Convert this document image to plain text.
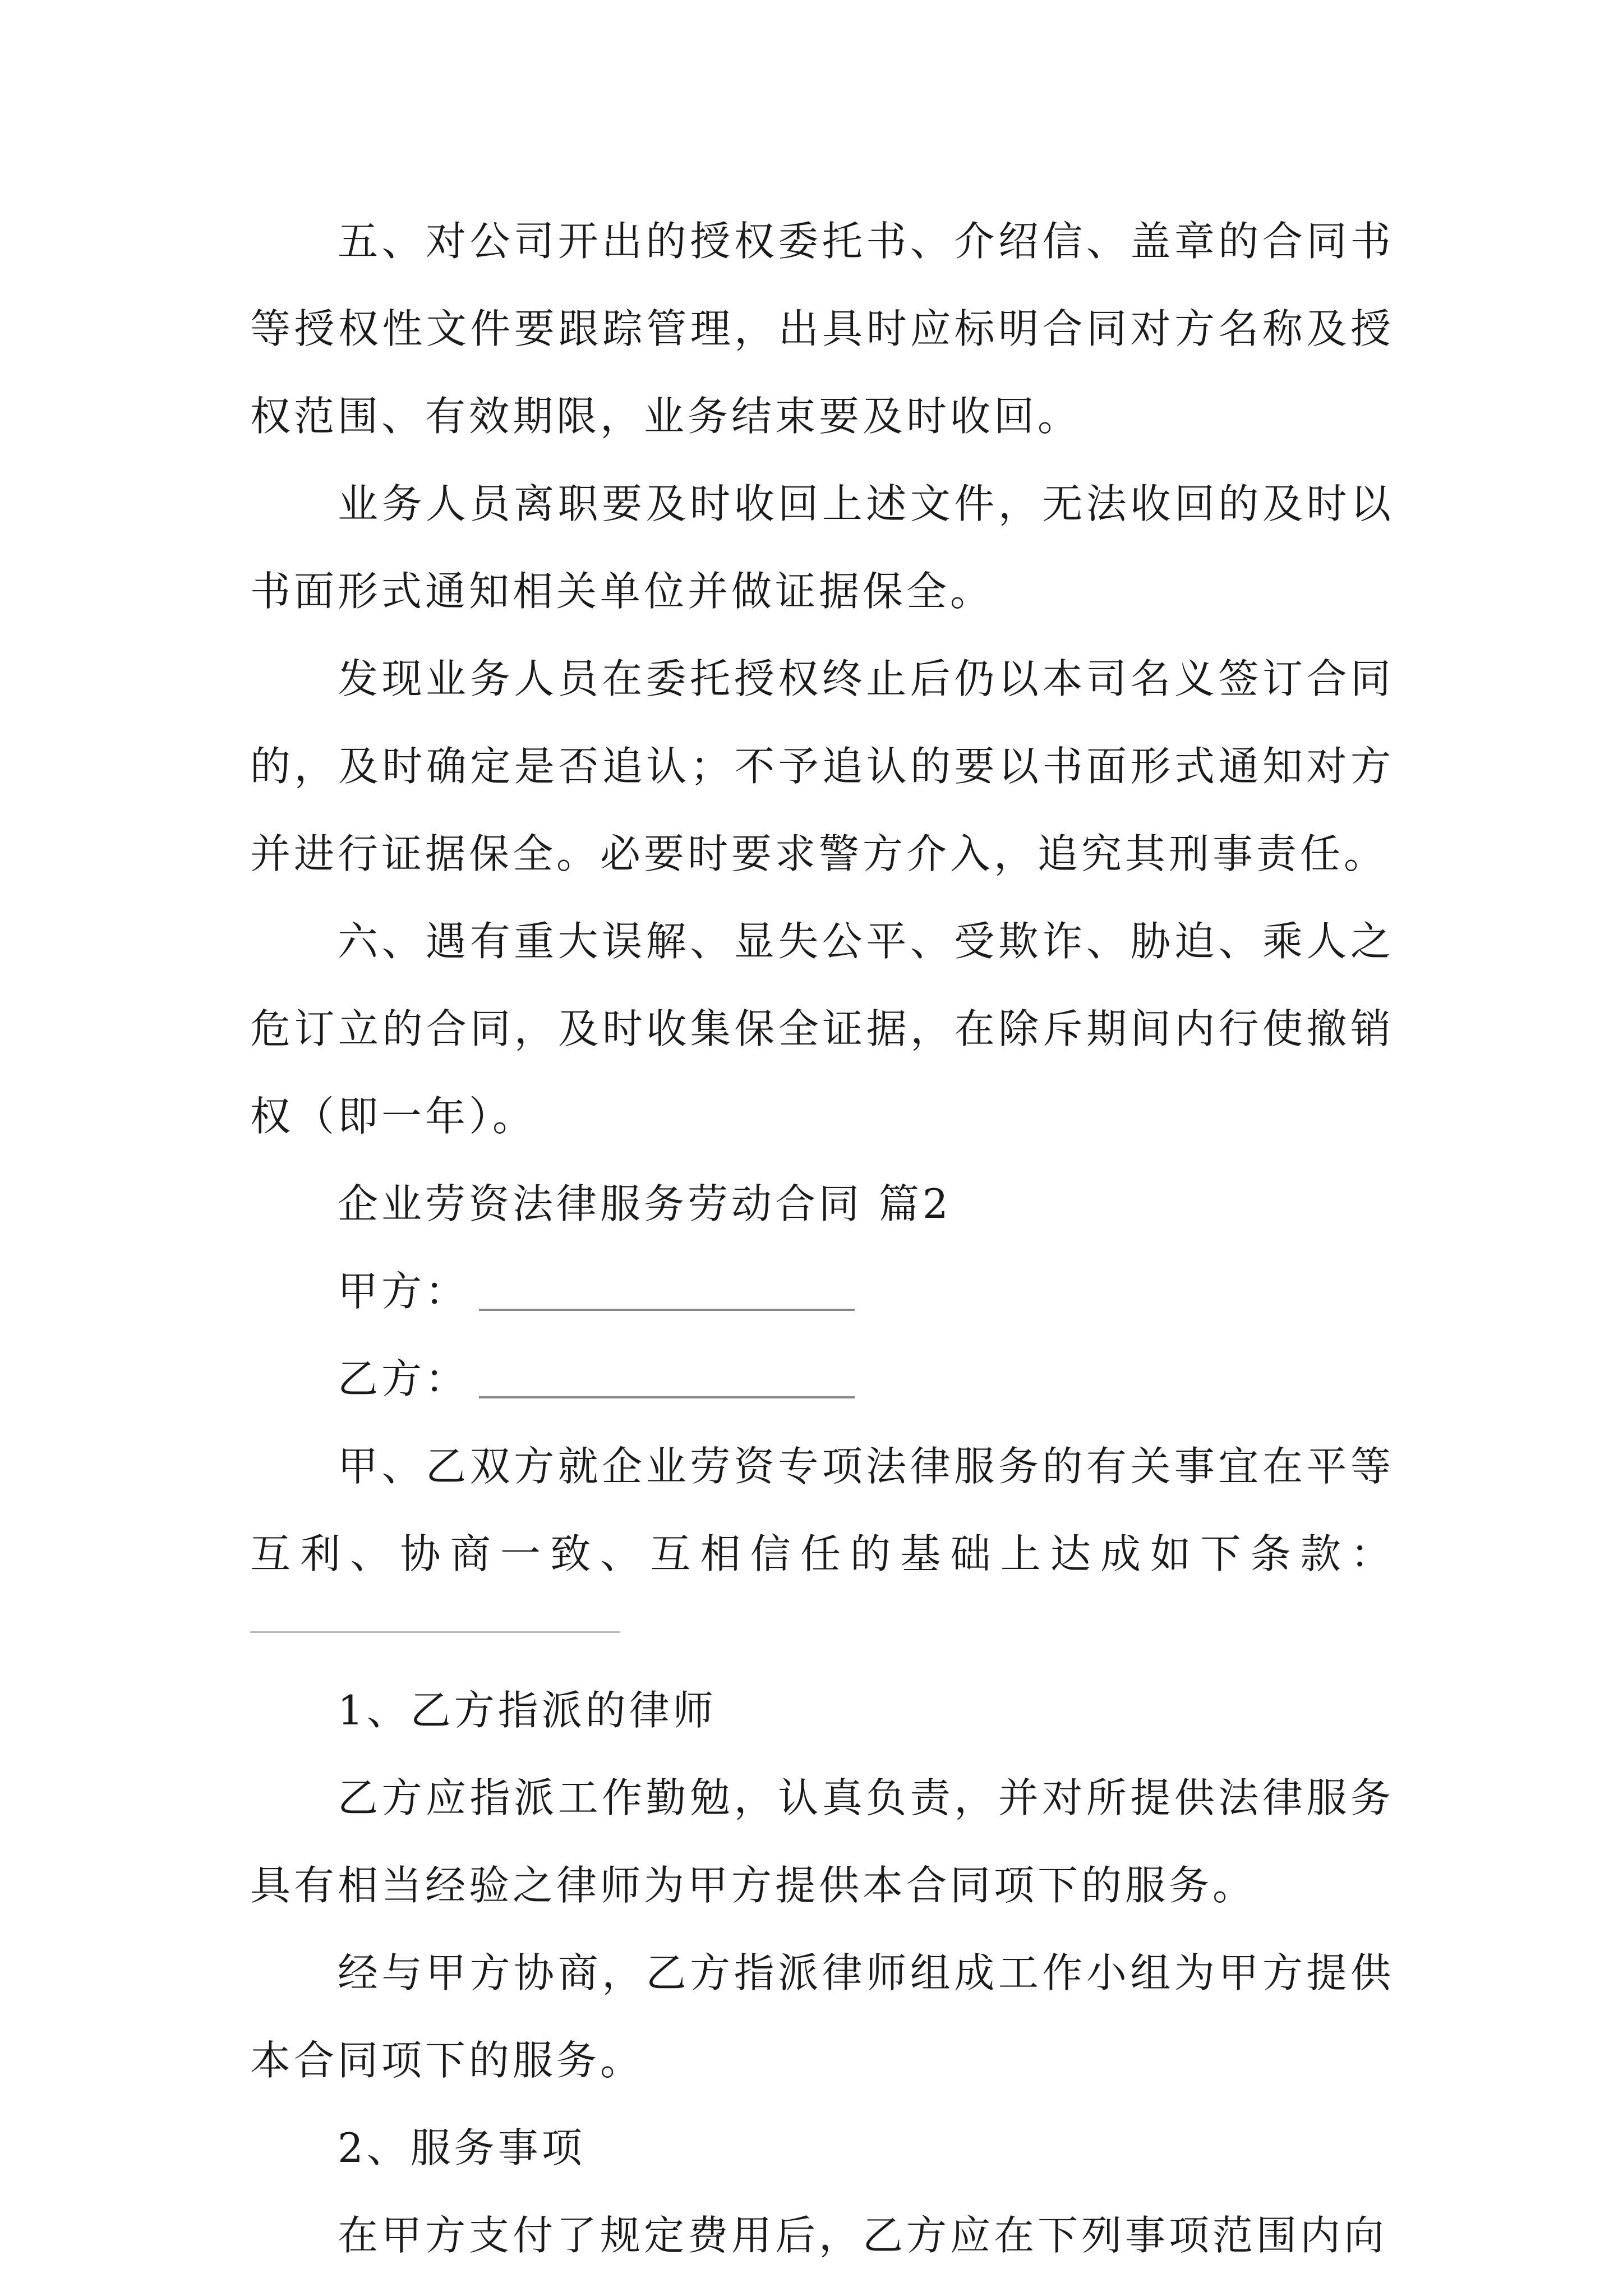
五、对公司开出的授权委托书、介绍信、盖章的合同书等授权性文件要跟踪管理，出具时应标明合同对方名称及授权范围、有效期限，业务结束要及时收回。

业务人员离职要及时收回上述文件，无法收回的及时以书面形式通知相关单位并做证据保全。

发现业务人员在委托授权终止后仍以本司名义签订合同的，及时确定是否追认；不予追认的要以书面形式通知对方并进行证据保全。必要时要求警方介入，追究其刑事责任。

六、遇有重大误解、显失公平、受欺诈、胁迫、乘人之危订立的合同，及时收集保全证据，在除斥期间内行使撤销权（即一年）。

企业劳资法律服务劳动合同 篇2

甲方：

乙方：

甲、乙双方就企业劳资专项法律服务的有关事宜在平等互利、协商一致、互相信任的基础上达成如下条款：

1、乙方指派的律师

乙方应指派工作勤勉，认真负责，并对所提供法律服务具有相当经验之律师为甲方提供本合同项下的服务。

经与甲方协商，乙方指派律师组成工作小组为甲方提供本合同项下的服务。

2、服务事项

在甲方支付了规定费用后，乙方应在下列事项范围内向
